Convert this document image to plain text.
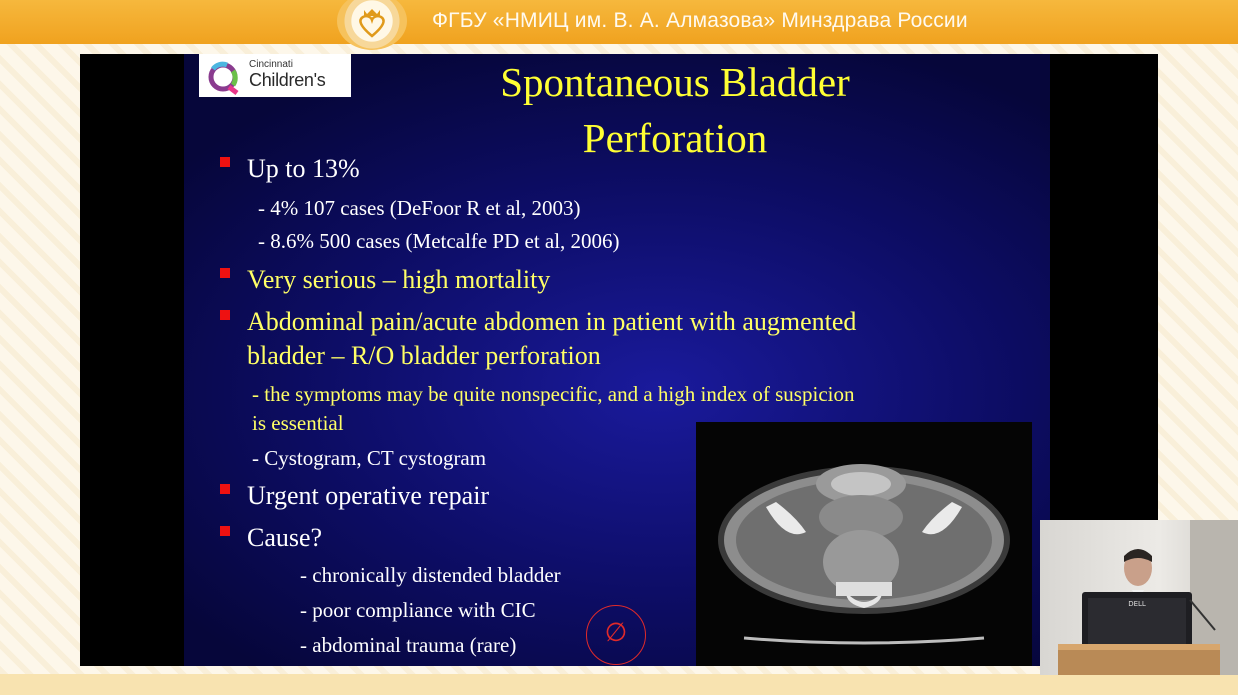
ФГБУ «НМИЦ им. В. А. Алмазова» Минздрава России
Cincinnati
Children's	Spontaneous Bladder
Perforation
Up to 13%
- 4% 107 cases (DeFoor R et al, 2003)
- 8.6% 500 cases (Metcalfe PD et al, 2006)
Very serious – high mortality
Abdominal pain/acute abdomen in patient with augmented
bladder – R/O bladder perforation
- the symptoms may be quite nonspecific, and a high index of suspicion
is essential
- Cystogram, CT cystogram
Urgent operative repair
Cause?
- chronically distended bladder
- poor compliance with CIC
- abdominal trauma (rare)	∅
DELL
